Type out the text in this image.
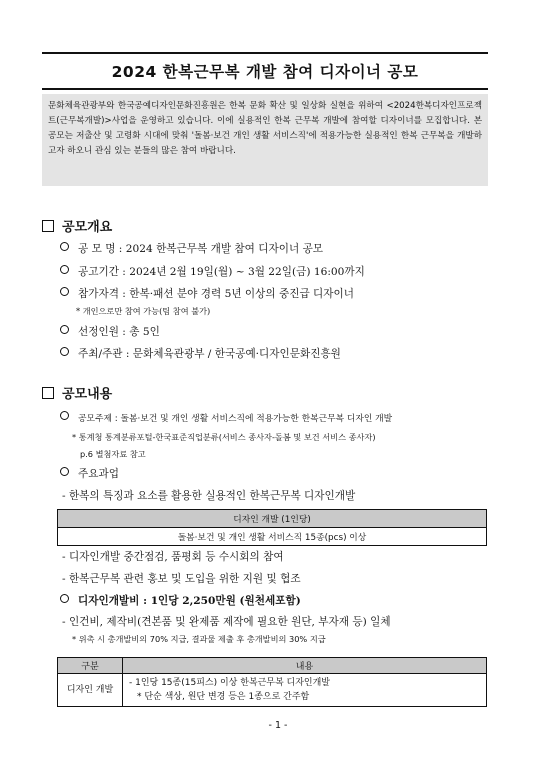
2024 한복근무복 개발 참여 디자이너 공모
문화체육관광부와 한국공예디자인문화진흥원은 한복 문화 확산 및 일상화 실현을 위하여 <2024한복디자인프로젝트(근무복개발)>사업을 운영하고 있습니다. 이에 실용적인 한복 근무복 개발에 참여할 디자이너를 모집합니다. 본 공모는 저출산 및 고령화 시대에 맞춰 '돌봄·보건 개인 생활 서비스직'에 적용가능한 실용적인 한복 근무복을 개발하고자 하오니 관심 있는 분들의 많은 참여 바랍니다.
공모개요
공 모 명 : 2024 한복근무복 개발 참여 디자이너 공모
공고기간 : 2024년 2월 19일(월) ~ 3월 22일(금) 16:00까지
참가자격 : 한복·패션 분야 경력 5년 이상의 중진급 디자이너
* 개인으로만 참여 가능(팀 참여 불가)
선정인원 : 총 5인
주최/주관 : 문화체육관광부 / 한국공예·디자인문화진흥원
공모내용
공모주제 : 돌봄·보건 및 개인 생활 서비스직에 적용가능한 한복근무복 디자인 개발
* 통계청 통계분류포털-한국표준직업분류(서비스 종사자-돌봄 및 보건 서비스 종사자)
p.6 별첨자료 참고
주요과업
- 한복의 특징과 요소를 활용한 실용적인 한복근무복 디자인개발
디자인 개발 (1인당)
돌봄·보건 및 개인 생활 서비스직 15종(pcs) 이상
- 디자인개발 중간점검, 품평회 등 수시회의 참여
- 한복근무복 관련 홍보 및 도입을 위한 지원 및 협조
디자인개발비 : 1인당 2,250만원 (원천세포함)
- 인건비, 제작비(견본품 및 완제품 제작에 필요한 원단, 부자재 등) 일체
* 위촉 시 총개발비의 70% 지급, 결과물 제출 후 총개발비의 30% 지급
구분	내용
디자인 개발	- 1인당 15종(15피스) 이상 한복근무복 디자인개발
* 단순 색상, 원단 변경 등은 1종으로 간주함
- 1 -
